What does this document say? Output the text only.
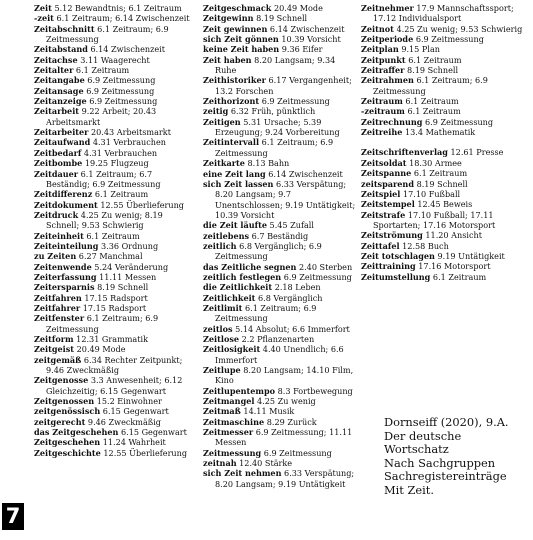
Zeit 5.12 Bewandtnis; 6.1 Zeitraum
-zeit 6.1 Zeitraum; 6.14 Zwischenzeit
Zeitabschnitt 6.1 Zeitraum; 6.9 Zeitmessung
Zeitabstand 6.14 Zwischenzeit
Zeitachse 3.11 Waagerecht
Zeitalter 6.1 Zeitraum
Zeitangabe 6.9 Zeitmessung
Zeitansage 6.9 Zeitmessung
Zeitanzeige 6.9 Zeitmessung
Zeitarbeit 9.22 Arbeit; 20.43 Arbeitsmarkt
Zeitarbeiter 20.43 Arbeitsmarkt
Zeitaufwand 4.31 Verbrauchen
Zeitbedarf 4.31 Verbrauchen
Zeitbombe 19.25 Flugzeug
Zeitdauer 6.1 Zeitraum; 6.7 Beständig; 6.9 Zeitmessung
Zeitdifferenz 6.1 Zeitraum
Zeitdokument 12.55 Überlieferung
Zeitdruck 4.25 Zu wenig; 8.19 Schnell; 9.53 Schwierig
Zeiteinheit 6.1 Zeitraum
Zeiteinteilung 3.36 Ordnung
zu Zeiten 6.27 Manchmal
Zeitenwende 5.24 Veränderung
Zeiterfassung 11.11 Messen
Zeitersparnis 8.19 Schnell
Zeitfahren 17.15 Radsport
Zeitfahrer 17.15 Radsport
Zeitfenster 6.1 Zeitraum; 6.9 Zeitmessung
Zeitform 12.31 Grammatik
Zeitgeist 20.49 Mode
zeitgemäß 6.34 Rechter Zeitpunkt; 9.46 Zweckmäßig
Zeitgenosse 3.3 Anwesenheit; 6.12 Gleichzeitig; 6.15 Gegenwart
Zeitgenossen 15.2 Einwohner
zeitgenössisch 6.15 Gegenwart
zeitgerecht 9.46 Zweckmäßig
das Zeitgeschehen 6.15 Gegenwart
Zeitgeschehen 11.24 Wahrheit
Zeitgeschichte 12.55 Überlieferung
Zeitgeschmack 20.49 Mode
Zeitgewinn 8.19 Schnell
Zeit gewinnen 6.14 Zwischenzeit
sich Zeit gönnen 10.39 Vorsicht
keine Zeit haben 9.36 Eifer
Zeit haben 8.20 Langsam; 9.34 Ruhe
Zeithistoriker 6.17 Vergangenheit; 13.2 Forschen
Zeithorizont 6.9 Zeitmessung
zeitig 6.32 Früh, pünktlich
Zeitigen 5.31 Ursache; 5.39 Erzeugung; 9.24 Vorbereitung
Zeitintervall 6.1 Zeitraum; 6.9 Zeitmessung
Zeitkarte 8.13 Bahn
eine Zeit lang 6.14 Zwischenzeit
sich Zeit lassen 6.33 Verspätung; 8.20 Langsam; 9.7 Unentschlossen; 9.19 Untätigkeit; 10.39 Vorsicht
die Zeit läufte 5.45 Zufall
zeitlebens 6.7 Beständig
zeitlich 6.8 Vergänglich; 6.9 Zeitmessung
das Zeitliche segnen 2.40 Sterben
zeitlich festlegen 6.9 Zeitmessung
die Zeitlichkeit 2.18 Leben
Zeitlichkeit 6.8 Vergänglich
Zeitlimit 6.1 Zeitraum; 6.9 Zeitmessung
zeitlos 5.14 Absolut; 6.6 Immerfort
Zeitlose 2.2 Pflanzenarten
Zeitlosigkeit 4.40 Unendlich; 6.6 Immerfort
Zeitlupe 8.20 Langsam; 14.10 Film, Kino
Zeitlupentempo 8.3 Fortbewegung
Zeitmangel 4.25 Zu wenig
Zeitmaß 14.11 Musik
Zeitmaschine 8.29 Zurück
Zeitmesser 6.9 Zeitmessung; 11.11 Messen
Zeitmessung 6.9 Zeitmessung
zeitnah 12.40 Stärke
sich Zeit nehmen 6.33 Verspätung; 8.20 Langsam; 9.19 Untätigkeit
Zeitnehmer 17.9 Mannschaftssport; 17.12 Individualsport
Zeitnot 4.25 Zu wenig; 9.53 Schwierig
Zeitperiode 6.9 Zeitmessung
Zeitplan 9.15 Plan
Zeitpunkt 6.1 Zeitraum
Zeitraffer 8.19 Schnell
Zeitrahmen 6.1 Zeitraum; 6.9 Zeitmessung
Zeitraum 6.1 Zeitraum
-zeitraum 6.1 Zeitraum
Zeitrechnung 6.9 Zeitmessung
Zeitreihe 13.4 Mathematik
Zeitschriftenverlag 12.61 Presse
Zeitsoldat 18.30 Armee
Zeitspanne 6.1 Zeitraum
zeitsparend 8.19 Schnell
Zeitspiel 17.10 Fußball
Zeitstempel 12.45 Beweis
Zeitstrafe 17.10 Fußball; 17.11 Sportarten; 17.16 Motorsport
Zeitströmung 11.20 Ansicht
Zeittafel 12.58 Buch
Zeit totschlagen 9.19 Untätigkeit
Zeittraining 17.16 Motorsport
Zeitumstellung 6.1 Zeitraum
Dornseiff (2020), 9.A.
Der deutsche Wortschatz
Nach Sachgruppen
Sachregistereinträge
Mit Zeit.
7
